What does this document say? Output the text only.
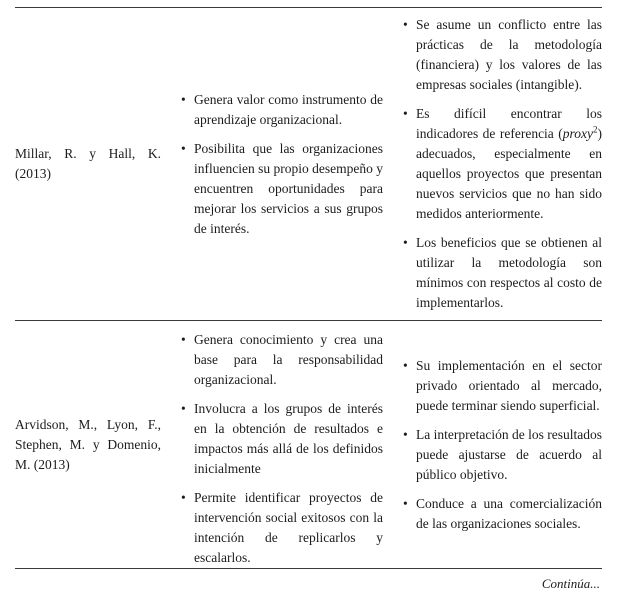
Millar, R. y Hall, K. (2013)
• Genera valor como instrumento de aprendizaje organizacional.
• Posibilita que las organizaciones influencien su propio desempeño y encuentren oportunidades para mejorar los servicios a sus grupos de interés.
• Se asume un conflicto entre las prácticas de la metodología (financiera) y los valores de las empresas sociales (intangible).
• Es difícil encontrar los indicadores de referencia (proxy$^2$) adecuados, especialmente en aquellos proyectos que presentan nuevos servicios que no han sido medidos anteriormente.
• Los beneficios que se obtienen al utilizar la metodología son mínimos con respectos al costo de implementarlos.
Arvidson, M., Lyon, F., Stephen, M. y Domenio, M. (2013)
• Genera conocimiento y crea una base para la responsabilidad organizacional.
• Involucra a los grupos de interés en la obtención de resultados e impactos más allá de los definidos inicialmente
• Permite identificar proyectos de intervención social exitosos con la intención de replicarlos y escalarlos.
• Su implementación en el sector privado orientado al mercado, puede terminar siendo superficial.
• La interpretación de los resultados puede ajustarse de acuerdo al público objetivo.
• Conduce a una comercialización de las organizaciones sociales.
Continúa...
